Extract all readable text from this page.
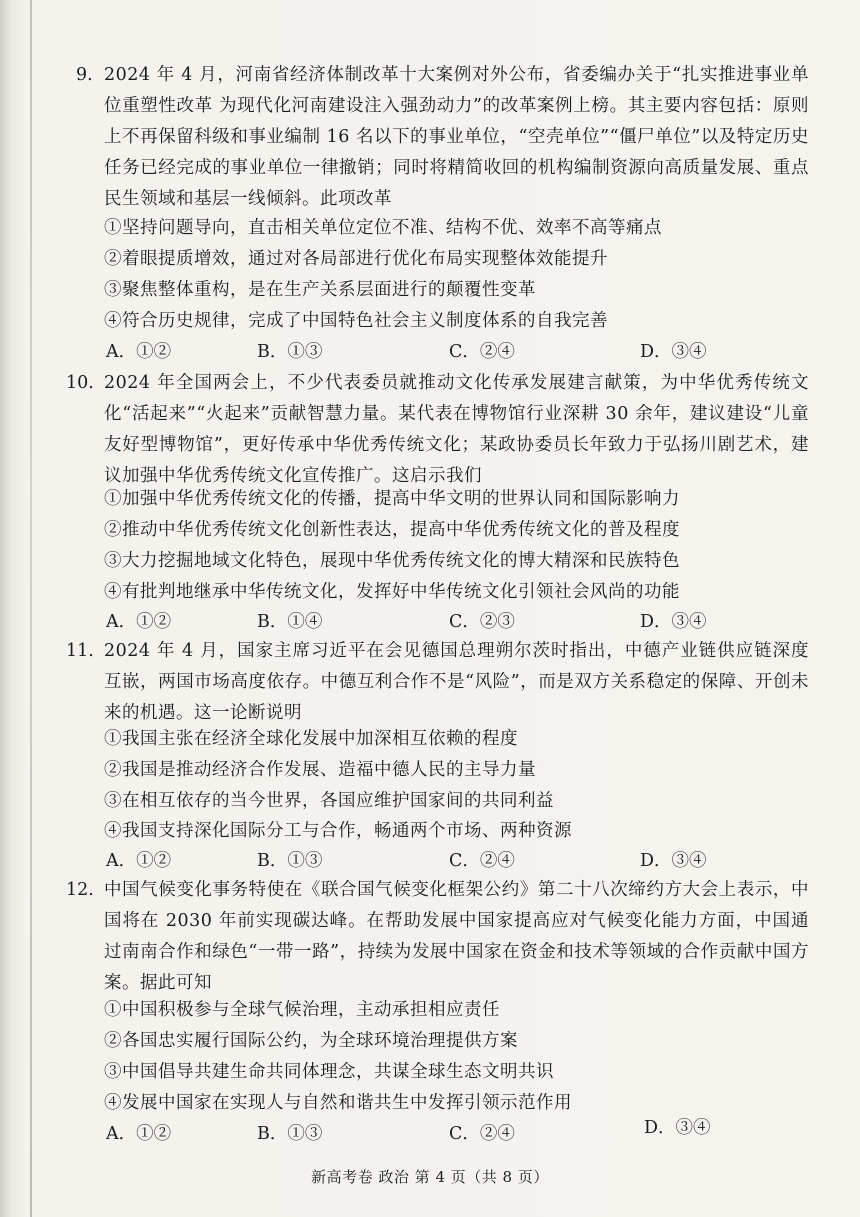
9. 2024 年 4 月，河南省经济体制改革十大案例对外公布，省委编办关于“扎实推进事业单位重塑性改革 为现代化河南建设注入强劲动力”的改革案例上榜。其主要内容包括：原则上不再保留科级和事业编制 16 名以下的事业单位，“空壳单位”“僵尸单位”以及特定历史任务已经完成的事业单位一律撤销；同时将精简收回的机构编制资源向高质量发展、重点民生领域和基层一线倾斜。此项改革
①坚持问题导向，直击相关单位定位不准、结构不优、效率不高等痛点
②着眼提质增效，通过对各局部进行优化布局实现整体效能提升
③聚焦整体重构，是在生产关系层面进行的颠覆性变革
④符合历史规律，完成了中国特色社会主义制度体系的自我完善
A．①②	B．①③	C．②④	D．③④
10. 2024 年全国两会上，不少代表委员就推动文化传承发展建言献策，为中华优秀传统文化“活起来”“火起来”贡献智慧力量。某代表在博物馆行业深耕 30 余年，建议建设“儿童友好型博物馆”，更好传承中华优秀传统文化；某政协委员长年致力于弘扬川剧艺术，建议加强中华优秀传统文化宣传推广。这启示我们
①加强中华优秀传统文化的传播，提高中华文明的世界认同和国际影响力
②推动中华优秀传统文化创新性表达，提高中华优秀传统文化的普及程度
③大力挖掘地域文化特色，展现中华优秀传统文化的博大精深和民族特色
④有批判地继承中华传统文化，发挥好中华传统文化引领社会风尚的功能
A．①②	B．①④	C．②③	D．③④
11. 2024 年 4 月，国家主席习近平在会见德国总理朔尔茨时指出，中德产业链供应链深度互嵌，两国市场高度依存。中德互利合作不是“风险”，而是双方关系稳定的保障、开创未来的机遇。这一论断说明
①我国主张在经济全球化发展中加深相互依赖的程度
②我国是推动经济合作发展、造福中德人民的主导力量
③在相互依存的当今世界，各国应维护国家间的共同利益
④我国支持深化国际分工与合作，畅通两个市场、两种资源
A．①②	B．①③	C．②④	D．③④
12. 中国气候变化事务特使在《联合国气候变化框架公约》第二十八次缔约方大会上表示，中国将在 2030 年前实现碳达峰。在帮助发展中国家提高应对气候变化能力方面，中国通过南南合作和绿色“一带一路”，持续为发展中国家在资金和技术等领域的合作贡献中国方案。据此可知
①中国积极参与全球气候治理，主动承担相应责任
②各国忠实履行国际公约，为全球环境治理提供方案
③中国倡导共建生命共同体理念，共谋全球生态文明共识
④发展中国家在实现人与自然和谐共生中发挥引领示范作用
A．①②	B．①③	C．②④	D．③④
新高考卷 政治 第 4 页（共 8 页）
